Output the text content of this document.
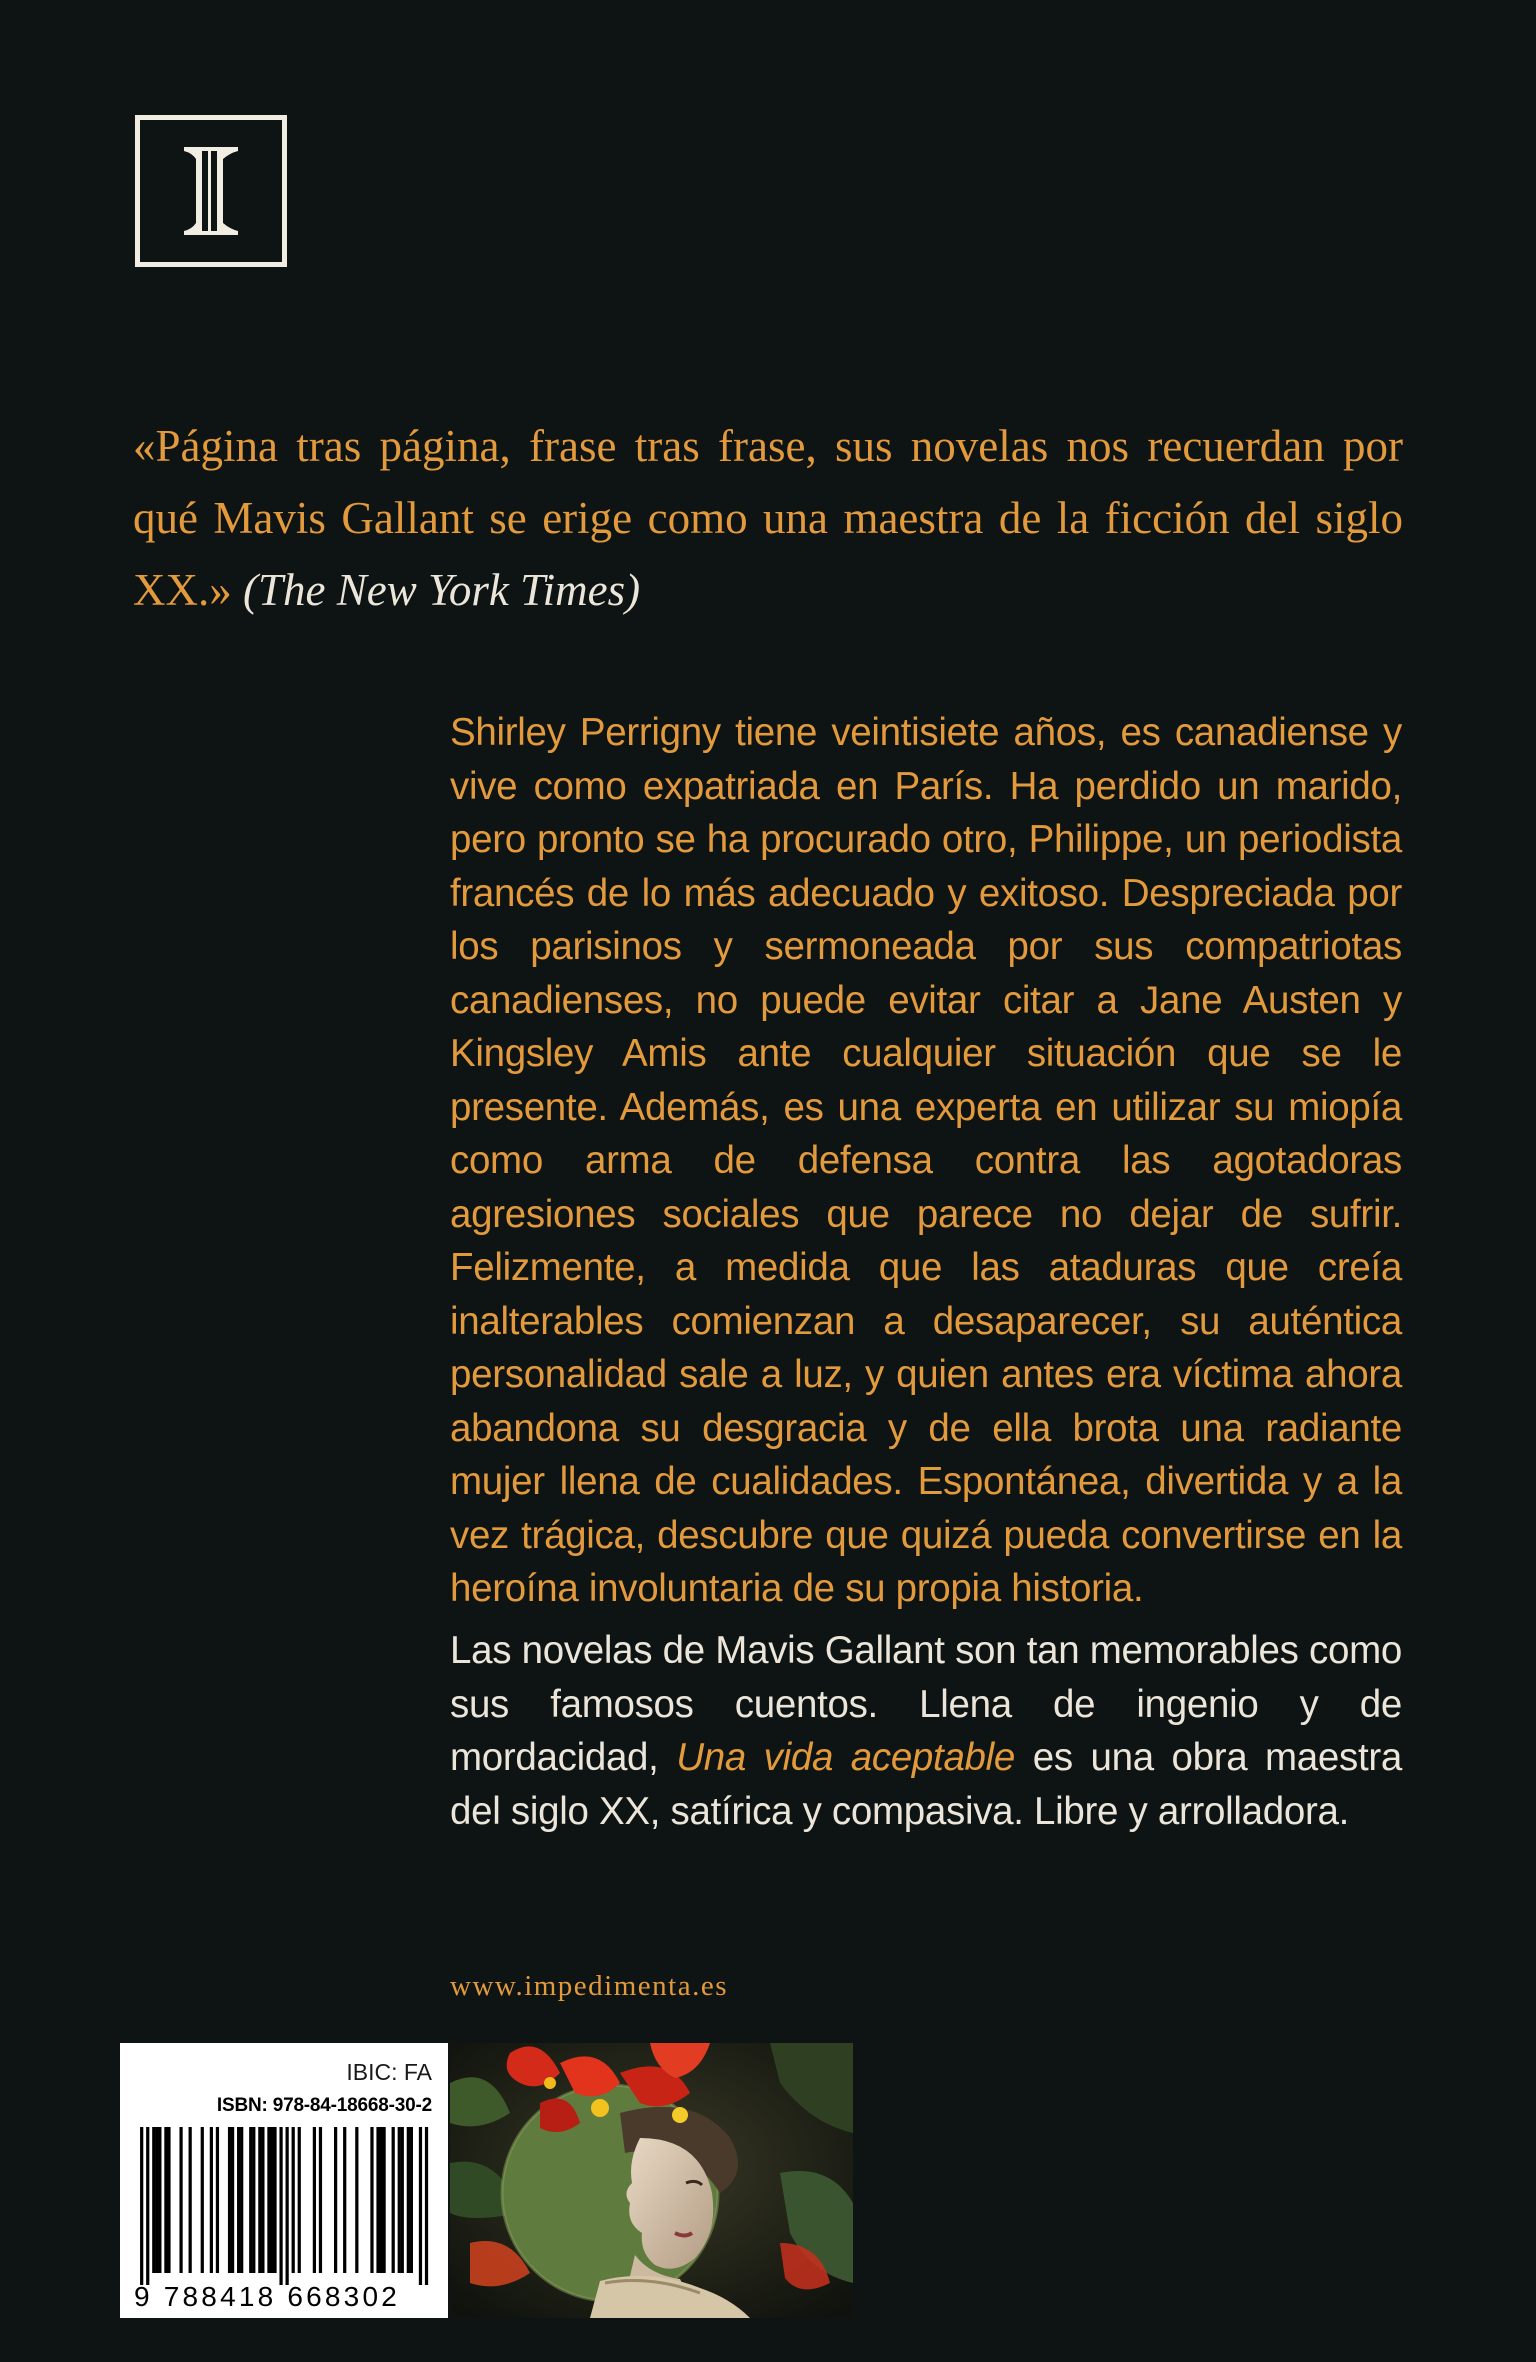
«Página tras página, frase tras frase, sus novelas nos recuerdan por qué Mavis Gallant se erige como una maestra de la ficción del siglo XX.» (The New York Times)

Shirley Perrigny tiene veintisiete años, es canadiense y vive como expatriada en París. Ha perdido un marido, pero pronto se ha procurado otro, Philippe, un periodista francés de lo más adecuado y exitoso. Despreciada por los parisinos y sermoneada por sus compatriotas canadienses, no puede evitar citar a Jane Austen y Kingsley Amis ante cualquier situación que se le presente. Además, es una experta en utilizar su miopía como arma de defensa contra las agotadoras agresiones sociales que parece no dejar de sufrir. Felizmente, a medida que las ataduras que creía inalterables comienzan a desaparecer, su auténtica personalidad sale a luz, y quien antes era víctima ahora abandona su desgracia y de ella brota una radiante mujer llena de cualidades. Espontánea, divertida y a la vez trágica, descubre que quizá pueda convertirse en la heroína involuntaria de su propia historia.

Las novelas de Mavis Gallant son tan memorables como sus famosos cuentos. Llena de ingenio y de mordacidad, Una vida aceptable es una obra maestra del siglo XX, satírica y compasiva. Libre y arrolladora.

www.impedimenta.es
IBIC: FA
ISBN: 978-84-18668-30-2
9 788418 668302
